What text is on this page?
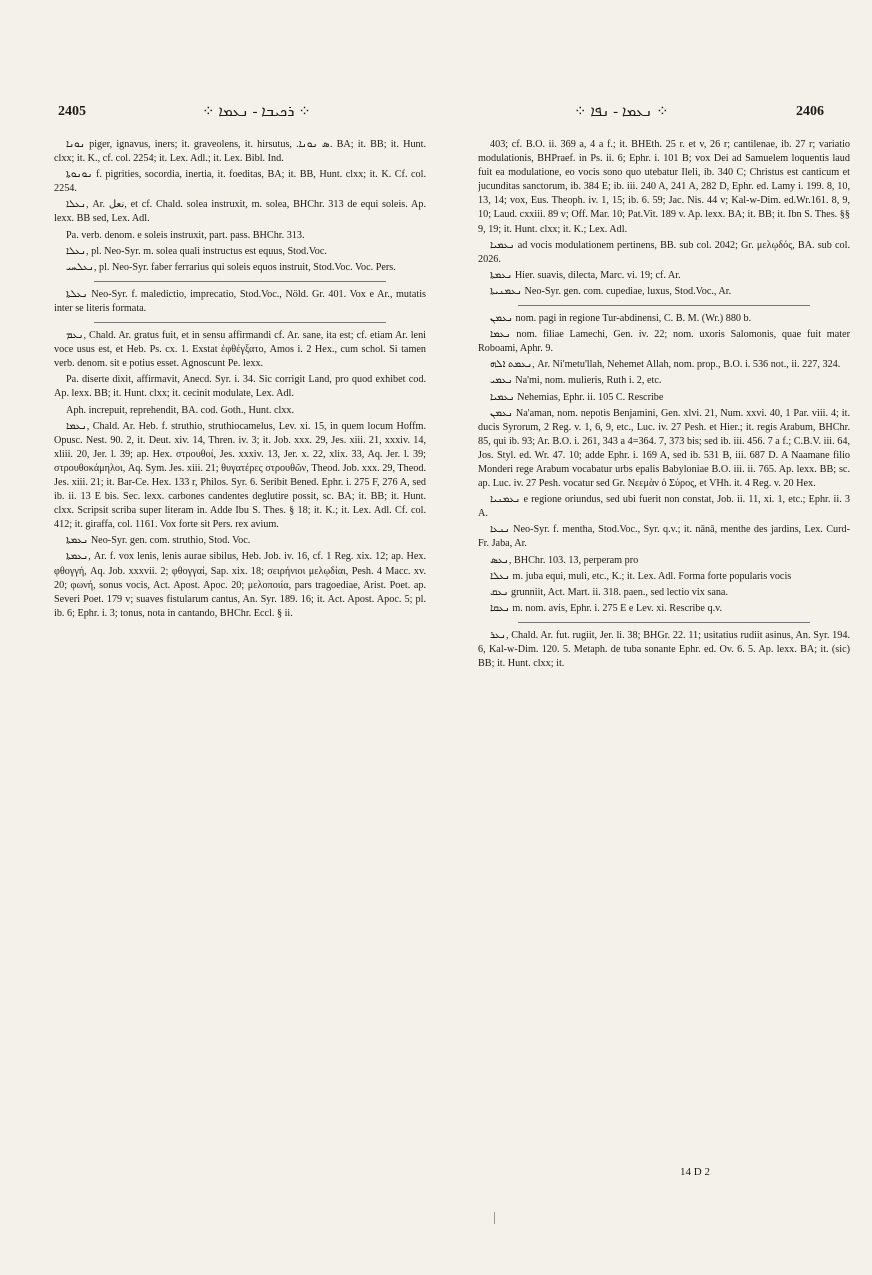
2405	⁘ ܪܟܝܒܐ - ܢܥܡܐ ⁘	⁘ ܢܥܡܐ - ܢܦܐ ⁘	2406

ܢܘܢܐ piger, ignavus, iners; it. graveolens, it. hirsutus, .ܣ ܢܘܢܐ. BA; it. BB; it. Hunt. clxx; it. K., cf. col. 2254; it. Lex. Adl.; it. Lex. Bibl. Ind.

ܢܘܢܘܬܐ f. pigrities, socordia, inertia, it. foeditas, BA; it. BB, Hunt. clxx; it. K. Cf. col. 2254.

ܢܥܠܐ, Ar. ‏نعل‏, et cf. Chald. solea instruxit, m. solea, BHChr. 313 de equi soleis. Ap. lexx. BB sed, Lex. Adl.

Pa. verb. denom. e soleis instruxit, part. pass. BHChr. 313.

ܢܥܠܐ, pl. Neo-Syr. m. solea quali instructus est equus, Stod.Voc.

ܢܥܠܚܝ, pl. Neo-Syr. faber ferrarius qui soleis equos instruit, Stod.Voc. Voc. Pers.

ܢܥܠܬܐ Neo-Syr. f. maledictio, imprecatio, Stod.Voc., Nöld. Gr. 401. Vox e Ar., mutatis inter se literis formata.

ܢܥܡ, Chald. Ar. gratus fuit, et in sensu affirmandi cf. Ar. sane, ita est; cf. etiam Ar. leni voce usus est, et Heb. Ps. cx. 1. Exstat ἐφθέγξατο, Amos i. 2 Hex., cum schol. Si tamen verb. denom. sit e potius esset. Agnoscunt Pe. lexx.

Pa. diserte dixit, affirmavit, Anecd. Syr. i. 34. Sic corrigit Land, pro quod exhibet cod. Ap. lexx. BB; it. Hunt. clxx; it. cecinit modulate, Lex. Adl.

Aph. increpuit, reprehendit, BA. cod. Goth., Hunt. clxx.

ܢܥܡܐ, Chald. Ar. Heb. f. struthio, struthiocamelus, Lev. xi. 15, in quem locum Hoffm. Opusc. Nest. 90. 2, it. Deut. xiv. 14, Thren. iv. 3; it. Job. xxx. 29, Jes. xiii. 21, xxxiv. 14, xliii. 20, Jer. l. 39; ap. Hex. στρουθοί, Jes. xxxiv. 13, Jer. x. 22, xlix. 33, Aq. Jer. l. 39; στρουθοκάμηλοι, Aq. Sym. Jes. xiii. 21; θυγατέρες στρουθῶν, Theod. Job. xxx. 29, Theod. Jes. xiii. 21; it. Bar-Ce. Hex. 133 r, Philos. Syr. 6. Seribit Bened. Ephr. i. 275 F, 276 A, sed ib. ii. 13 E bis. Sec. lexx. carbones candentes deglutire possit, sc. BA; it. BB; it. Hunt. clxx. Scripsit scriba super literam in. Adde Ibu S. Thes. § 18; it. K.; it. Lex. Adl. Cf. col. 412; it. giraffa, col. 1161. Vox forte sit Pers. rex avium.

ܢܥܡܬܐ Neo-Syr. gen. com. struthio, Stod. Voc.

ܢܥܡܬܐ, Ar. f. vox lenis, lenis aurae sibilus, Heb. Job. iv. 16, cf. 1 Reg. xix. 12; ap. Hex. φθογγή, Aq. Job. xxxvii. 2; φθογγαί, Sap. xix. 18; σειρήνιοι μελῳδίαι, Pesh. 4 Macc. xv. 20; φωνή, sonus vocis, Act. Apost. Apoc. 20; μελοποιία, pars tragoediae, Arist. Poet. ap. Severi Poet. 179 v; suaves fistularum cantus, An. Syr. 189. 16; it. Act. Apost. Apoc. 5; pl. ib. 6; Ephr. i. 3; tonus, nota in cantando, BHChr. Eccl. § ii.

403; cf. B.O. ii. 369 a, 4 a f.; it. BHEth. 25 r. et v, 26 r; cantilenae, ib. 27 r; variatio modulationis, BHPraef. in Ps. ii. 6; Ephr. i. 101 B; vox Dei ad Samuelem loquentis laud fuit ea modulatione, eo vocis sono quo utebatur Ileli, ib. 340 C; Christus est canticum et jucunditas sanctorum, ib. 384 E; ib. iii. 240 A, 241 A, 282 D, Ephr. ed. Lamy i. 199. 8, 10, 13, 14; vox, Eus. Theoph. iv. 1, 15; ib. 6. 59; Jac. Nis. 44 v; Kal-w-Dim. ed.Wr.161. 8, 9, 10; Laud. cxxiii. 89 v; Off. Mar. 10; Pat.Vit. 189 v. Ap. lexx. BA; it. BB; it. Ibn S. Thes. §§ 9, 19; it. Hunt. clxx; it. K.; Lex. Adl.

ܢܥܡܝܐ ad vocis modulationem pertinens, BB. sub col. 2042; Gr. μελῳδός, BA. sub col. 2026.

ܢܥܡܬܐ Hier. suavis, dilecta, Marc. vi. 19; cf. Ar.

ܢܥܡܢܝܬܐ Neo-Syr. gen. com. cupediae, luxus, Stod.Voc., Ar.

ܢܥܡܢ nom. pagi in regione Tur-abdinensi, C. B. M. (Wr.) 880 b.

ܢܥܡܐ nom. filiae Lamechi, Gen. iv. 22; nom. uxoris Salomonis, quae fuit mater Roboami, Aphr. 9.

ܢܥܡܬ ܐܠܗ, Ar. Ni'metu'llah, Nehemet Allah, nom. prop., B.O. i. 536 not., ii. 227, 324.

ܢܥܡܝ Na'mi, nom. mulieris, Ruth i. 2, etc.

ܢܥܡܝܐ Nehemias, Ephr. ii. 105 C. Rescribe

ܢܥܡܢ Na'aman, nom. nepotis Benjamini, Gen. xlvi. 21, Num. xxvi. 40, 1 Par. viii. 4; it. ducis Syrorum, 2 Reg. v. 1, 6, 9, etc., Luc. iv. 27 Pesh. et Hier.; it. regis Arabum, BHChr. 85, qui ib. 93; Ar. B.O. i. 261, 343 a 4=364. 7, 373 bis; sed ib. iii. 456. 7 a f.; C.B.V. iii. 64, Jos. Styl. ed. Wr. 47. 10; adde Ephr. i. 169 A, sed ib. 531 B, iii. 687 D. A Naamane filio Monderi rege Arabum vocabatur urbs epalis Babyloniae B.O. iii. ii. 765. Ap. lexx. BB; sc. ap. Luc. iv. 27 Pesh. vocatur sed Gr. Νεεμὰν ὁ Σύρος, et VHh. it. 4 Reg. v. 20 Hex.

ܢܥܡܢܝܐ e regione oriundus, sed ubi fuerit non constat, Job. ii. 11, xi. 1, etc.; Ephr. ii. 3 A.

ܢܢܥܐ Neo-Syr. f. mentha, Stod.Voc., Syr. q.v.; it. nānā, menthe des jardins, Lex. Curd-Fr. Jaba, Ar.

ܢܥܣ, BHChr. 103. 13, perperam pro

ܢܥܠܐ m. juba equi, muli, etc., K.; it. Lex. Adl. Forma forte popularis vocis

ܢܥܩ grunniit, Act. Mart. ii. 318. paen., sed lectio vix sana.

ܢܥܩܐ m. nom. avis, Ephr. i. 275 E e Lev. xi. Rescribe q.v.

ܢܥܪ, Chald. Ar. fut. rugiit, Jer. li. 38; BHGr. 22. 11; usitatius rudiit asinus, An. Syr. 194. 6, Kal-w-Dim. 120. 5. Metaph. de tuba sonante Ephr. ed. Ov. 6. 5. Ap. lexx. BA; it. (sic) BB; it. Hunt. clxx; it.

14 D 2
